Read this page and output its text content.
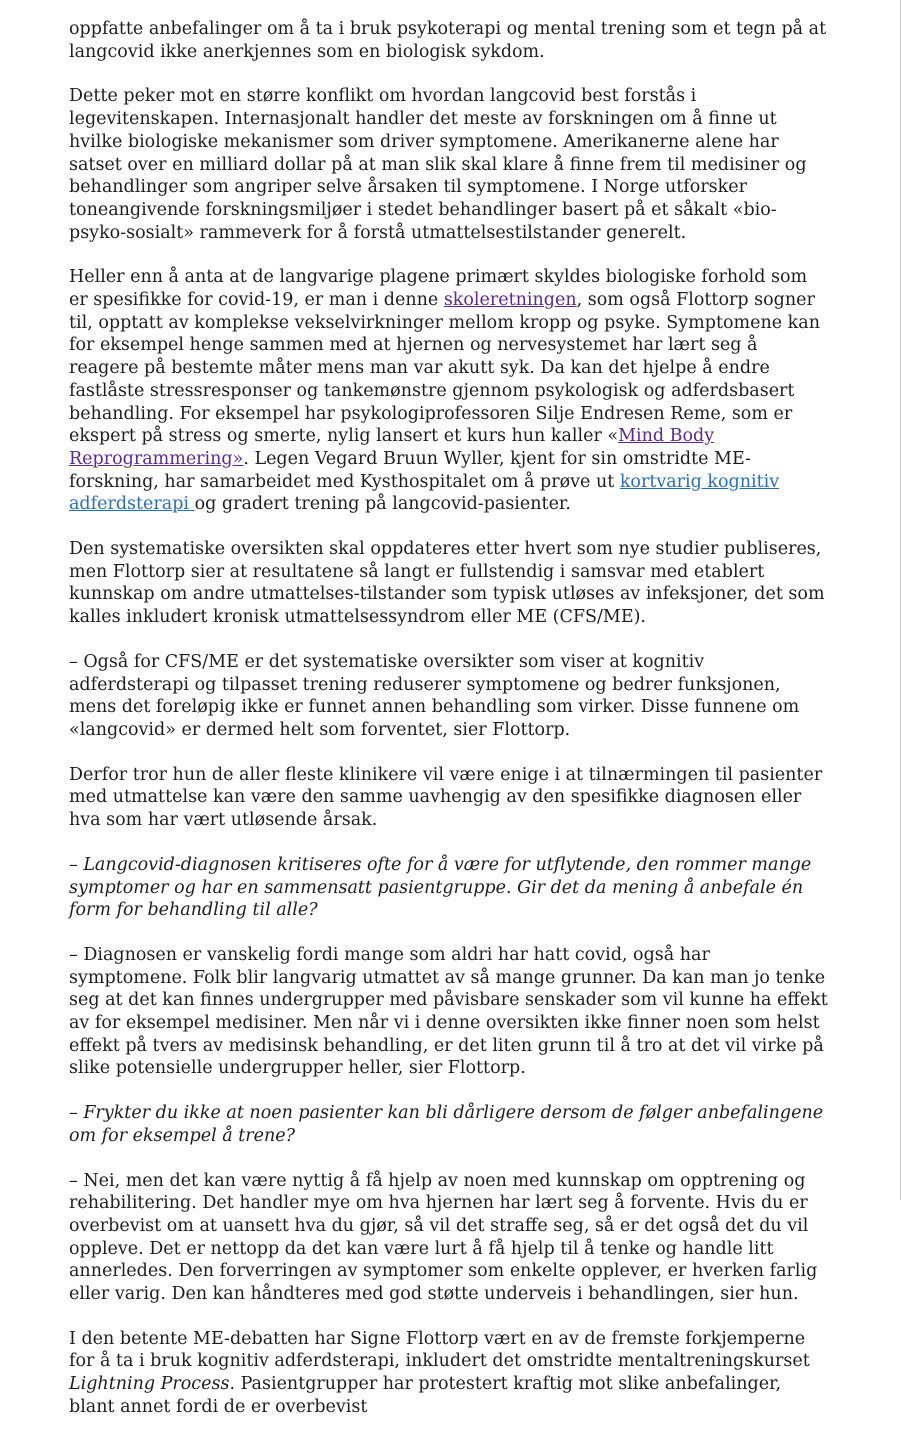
oppfatte anbefalinger om å ta i bruk psykoterapi og mental trening som et tegn på at langcovid ikke anerkjennes som en biologisk sykdom.

Dette peker mot en større konflikt om hvordan langcovid best forstås i legevitenskapen. Internasjonalt handler det meste av forskningen om å finne ut hvilke biologiske mekanismer som driver symptomene. Amerikanerne alene har satset over en milliard dollar på at man slik skal klare å finne frem til medisiner og behandlinger som angriper selve årsaken til symptomene. I Norge utforsker toneangivende forskningsmiljøer i stedet behandlinger basert på et såkalt «bio-psyko-sosialt» rammeverk for å forstå utmattelsestilstander generelt.

Heller enn å anta at de langvarige plagene primært skyldes biologiske forhold som er spesifikke for covid-19, er man i denne skoleretningen, som også Flottorp sogner til, opptatt av komplekse vekselvirkninger mellom kropp og psyke. Symptomene kan for eksempel henge sammen med at hjernen og nervesystemet har lært seg å reagere på bestemte måter mens man var akutt syk. Da kan det hjelpe å endre fastlåste stressresponser og tankemønstre gjennom psykologisk og adferdsbasert behandling. For eksempel har psykologiprofessoren Silje Endresen Reme, som er ekspert på stress og smerte, nylig lansert et kurs hun kaller «Mind Body Reprogrammering». Legen Vegard Bruun Wyller, kjent for sin omstridte ME-forskning, har samarbeidet med Kysthospitalet om å prøve ut kortvarig kognitiv adferdsterapi og gradert trening på langcovid-pasienter.

Den systematiske oversikten skal oppdateres etter hvert som nye studier publiseres, men Flottorp sier at resultatene så langt er fullstendig i samsvar med etablert kunnskap om andre utmattelses-tilstander som typisk utløses av infeksjoner, det som kalles inkludert kronisk utmattelsessyndrom eller ME (CFS/ME).

– Også for CFS/ME er det systematiske oversikter som viser at kognitiv adferdsterapi og tilpasset trening reduserer symptomene og bedrer funksjonen, mens det foreløpig ikke er funnet annen behandling som virker. Disse funnene om «langcovid» er dermed helt som forventet, sier Flottorp.

Derfor tror hun de aller fleste klinikere vil være enige i at tilnærmingen til pasienter med utmattelse kan være den samme uavhengig av den spesifikke diagnosen eller hva som har vært utløsende årsak.

– Langcovid-diagnosen kritiseres ofte for å være for utflytende, den rommer mange symptomer og har en sammensatt pasientgruppe. Gir det da mening å anbefale én form for behandling til alle?

– Diagnosen er vanskelig fordi mange som aldri har hatt covid, også har symptomene. Folk blir langvarig utmattet av så mange grunner. Da kan man jo tenke seg at det kan finnes undergrupper med påvisbare senskader som vil kunne ha effekt av for eksempel medisiner. Men når vi i denne oversikten ikke finner noen som helst effekt på tvers av medisinsk behandling, er det liten grunn til å tro at det vil virke på slike potensielle undergrupper heller, sier Flottorp.

– Frykter du ikke at noen pasienter kan bli dårligere dersom de følger anbefalingene om for eksempel å trene?

– Nei, men det kan være nyttig å få hjelp av noen med kunnskap om opptrening og rehabilitering. Det handler mye om hva hjernen har lært seg å forvente. Hvis du er overbevist om at uansett hva du gjør, så vil det straffe seg, så er det også det du vil oppleve. Det er nettopp da det kan være lurt å få hjelp til å tenke og handle litt annerledes. Den forverringen av symptomer som enkelte opplever, er hverken farlig eller varig. Den kan håndteres med god støtte underveis i behandlingen, sier hun.

I den betente ME-debatten har Signe Flottorp vært en av de fremste forkjemperne for å ta i bruk kognitiv adferdsterapi, inkludert det omstridte mentaltreningskurset Lightning Process. Pasientgrupper har protestert kraftig mot slike anbefalinger, blant annet fordi de er overbevist
